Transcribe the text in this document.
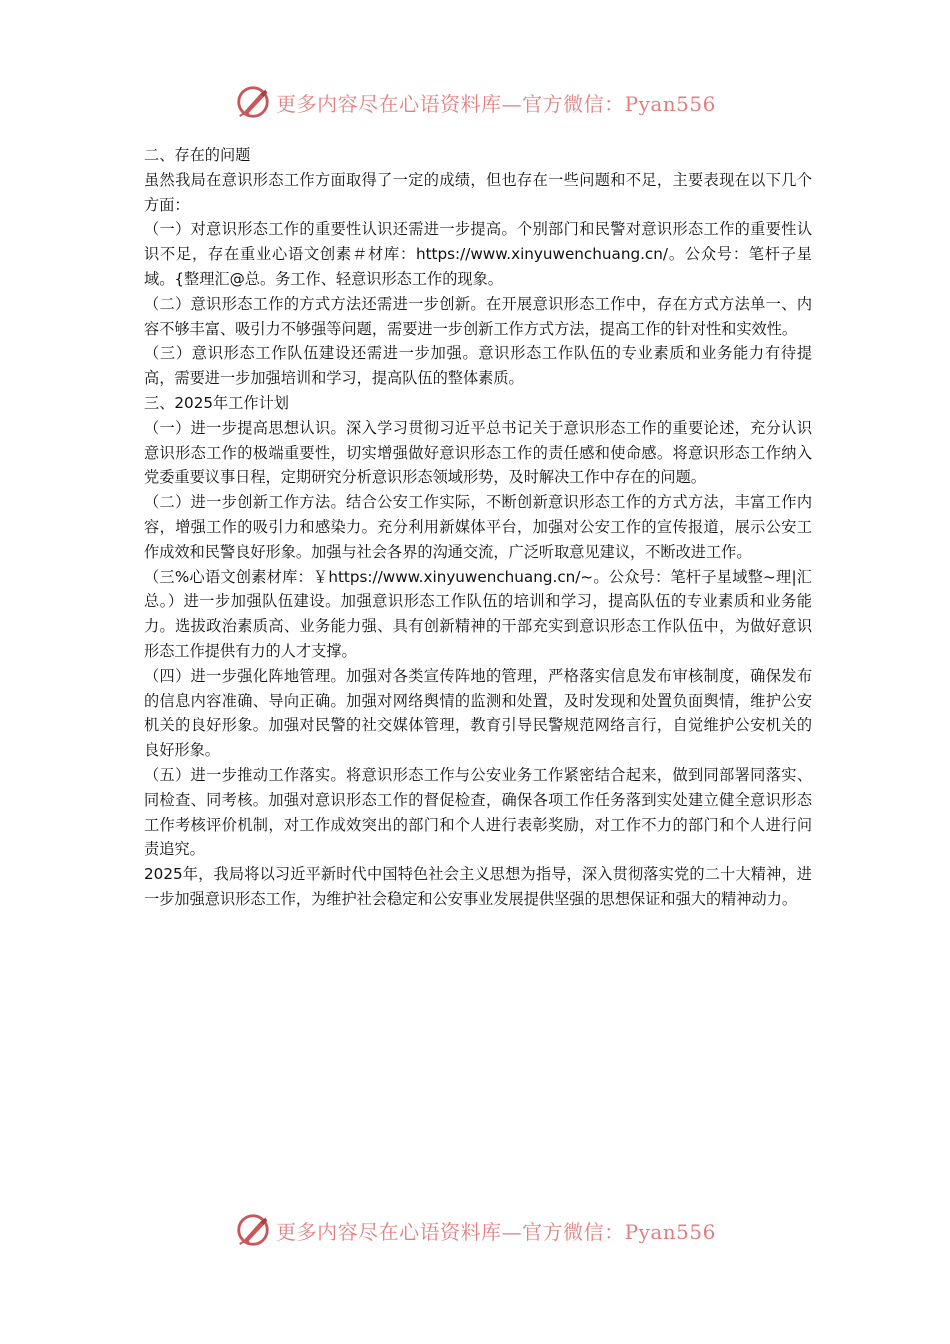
更多内容尽在心语资料库—官方微信：Pyan556

二、存在的问题

虽然我局在意识形态工作方面取得了一定的成绩，但也存在一些问题和不足，主要表现在以下几个方面：

（一）对意识形态工作的重要性认识还需进一步提高。个别部门和民警对意识形态工作的重要性认识不足，存在重业心语文创素＃材库：https://www.xinyuwenchuang.cn/。公众号：笔杆子星域。{整理汇@总。务工作、轻意识形态工作的现象。

（二）意识形态工作的方式方法还需进一步创新。在开展意识形态工作中，存在方式方法单一、内容不够丰富、吸引力不够强等问题，需要进一步创新工作方式方法，提高工作的针对性和实效性。

（三）意识形态工作队伍建设还需进一步加强。意识形态工作队伍的专业素质和业务能力有待提高，需要进一步加强培训和学习，提高队伍的整体素质。

三、2025年工作计划

（一）进一步提高思想认识。深入学习贯彻习近平总书记关于意识形态工作的重要论述，充分认识意识形态工作的极端重要性，切实增强做好意识形态工作的责任感和使命感。将意识形态工作纳入党委重要议事日程，定期研究分析意识形态领域形势，及时解决工作中存在的问题。

（二）进一步创新工作方法。结合公安工作实际，不断创新意识形态工作的方式方法，丰富工作内容，增强工作的吸引力和感染力。充分利用新媒体平台，加强对公安工作的宣传报道，展示公安工作成效和民警良好形象。加强与社会各界的沟通交流，广泛听取意见建议，不断改进工作。

（三%心语文创素材库：￥https://www.xinyuwenchuang.cn/~。公众号：笔杆子星域整~理|汇总。）进一步加强队伍建设。加强意识形态工作队伍的培训和学习，提高队伍的专业素质和业务能力。选拔政治素质高、业务能力强、具有创新精神的干部充实到意识形态工作队伍中，为做好意识形态工作提供有力的人才支撑。

（四）进一步强化阵地管理。加强对各类宣传阵地的管理，严格落实信息发布审核制度，确保发布的信息内容准确、导向正确。加强对网络舆情的监测和处置，及时发现和处置负面舆情，维护公安机关的良好形象。加强对民警的社交媒体管理，教育引导民警规范网络言行，自觉维护公安机关的良好形象。

（五）进一步推动工作落实。将意识形态工作与公安业务工作紧密结合起来，做到同部署同落实、同检查、同考核。加强对意识形态工作的督促检查，确保各项工作任务落到实处建立健全意识形态工作考核评价机制，对工作成效突出的部门和个人进行表彰奖励，对工作不力的部门和个人进行问责追究。

2025年，我局将以习近平新时代中国特色社会主义思想为指导，深入贯彻落实党的二十大精神，进一步加强意识形态工作，为维护社会稳定和公安事业发展提供坚强的思想保证和强大的精神动力。

更多内容尽在心语资料库—官方微信：Pyan556
